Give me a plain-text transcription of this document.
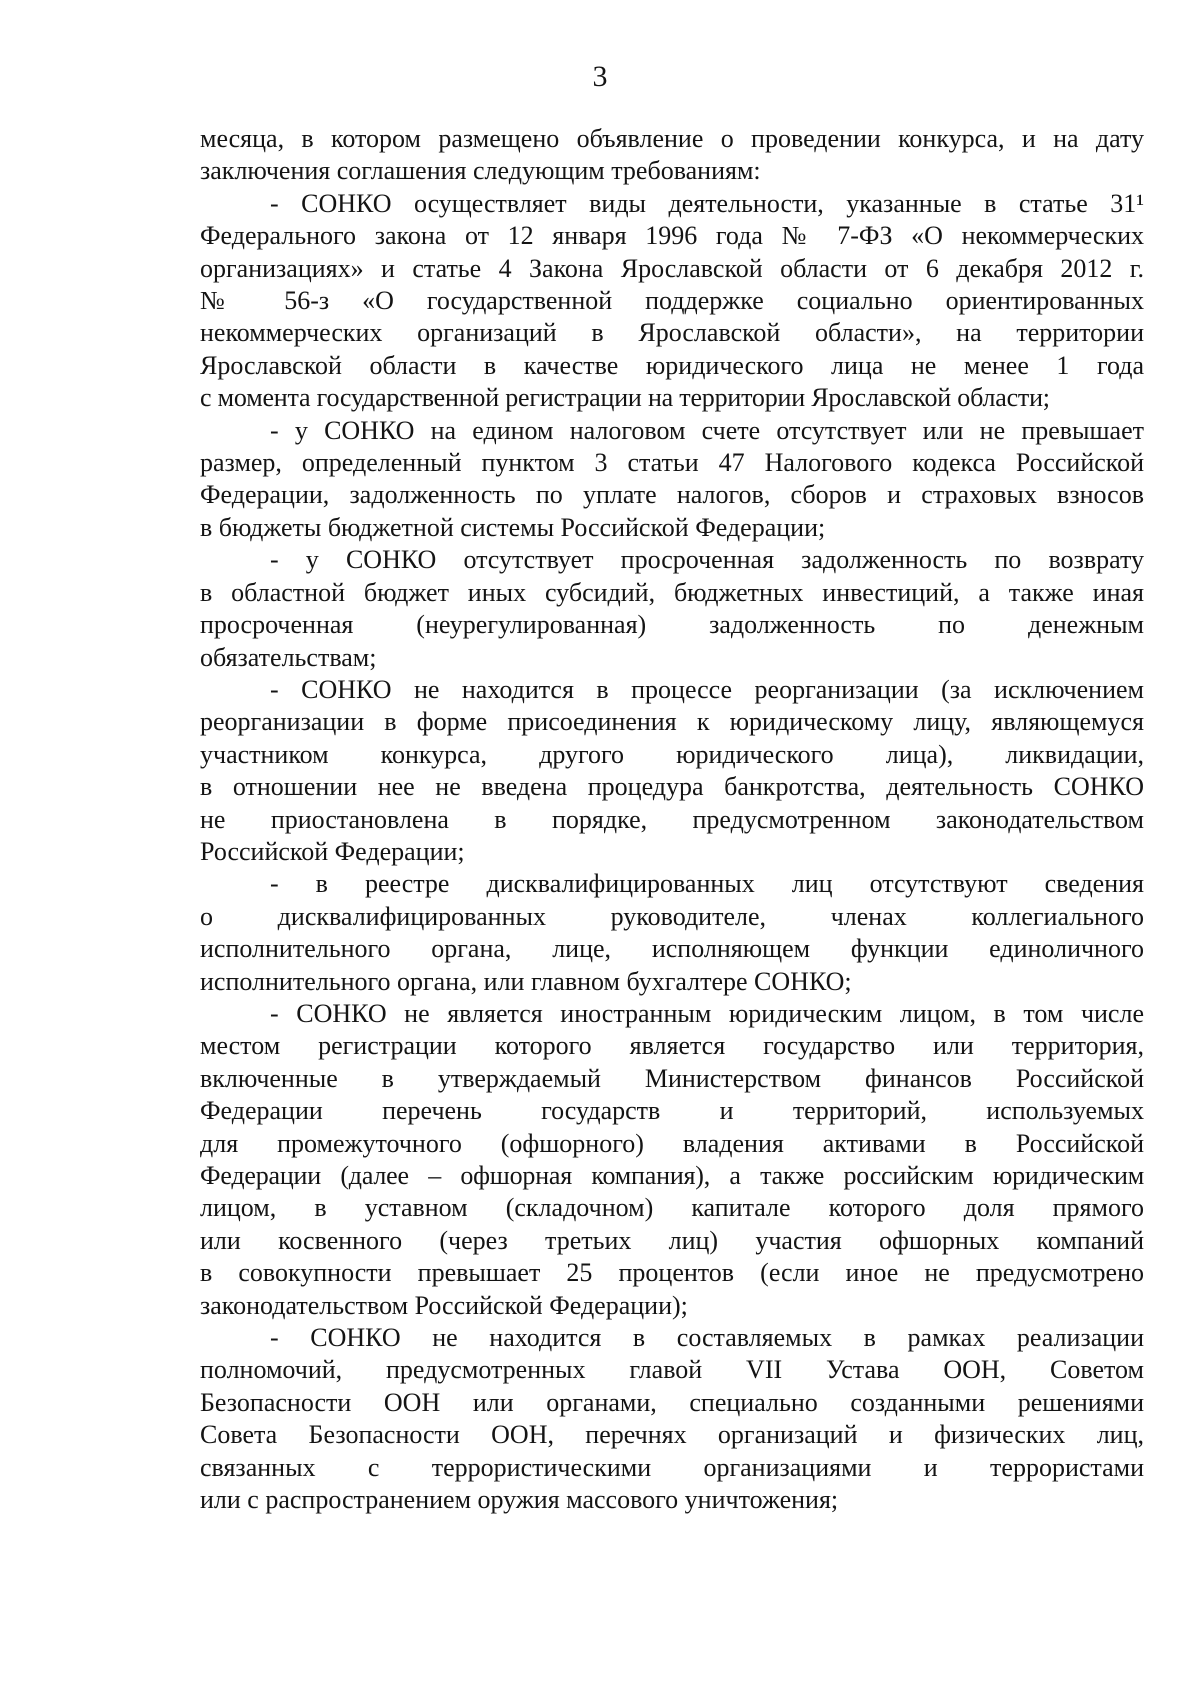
3
месяца, в котором размещено объявление о проведении конкурса, и на дату
заключения соглашения следующим требованиям:
- СОНКО осуществляет виды деятельности, указанные в статье 31¹
Федерального закона от 12 января 1996 года № 7-ФЗ «О некоммерческих
организациях» и статье 4 Закона Ярославской области от 6 декабря 2012 г.
№ 56-з «О государственной поддержке социально ориентированных
некоммерческих организаций в Ярославской области», на территории
Ярославской области в качестве юридического лица не менее 1 года
с момента государственной регистрации на территории Ярославской области;
- у СОНКО на едином налоговом счете отсутствует или не превышает
размер, определенный пунктом 3 статьи 47 Налогового кодекса Российской
Федерации, задолженность по уплате налогов, сборов и страховых взносов
в бюджеты бюджетной системы Российской Федерации;
- у СОНКО отсутствует просроченная задолженность по возврату
в областной бюджет иных субсидий, бюджетных инвестиций, а также иная
просроченная (неурегулированная) задолженность по денежным
обязательствам;
- СОНКО не находится в процессе реорганизации (за исключением
реорганизации в форме присоединения к юридическому лицу, являющемуся
участником конкурса, другого юридического лица), ликвидации,
в отношении нее не введена процедура банкротства, деятельность СОНКО
не приостановлена в порядке, предусмотренном законодательством
Российской Федерации;
- в реестре дисквалифицированных лиц отсутствуют сведения
о дисквалифицированных руководителе, членах коллегиального
исполнительного органа, лице, исполняющем функции единоличного
исполнительного органа, или главном бухгалтере СОНКО;
- СОНКО не является иностранным юридическим лицом, в том числе
местом регистрации которого является государство или территория,
включенные в утверждаемый Министерством финансов Российской
Федерации перечень государств и территорий, используемых
для промежуточного (офшорного) владения активами в Российской
Федерации (далее – офшорная компания), а также российским юридическим
лицом, в уставном (складочном) капитале которого доля прямого
или косвенного (через третьих лиц) участия офшорных компаний
в совокупности превышает 25 процентов (если иное не предусмотрено
законодательством Российской Федерации);
- СОНКО не находится в составляемых в рамках реализации
полномочий, предусмотренных главой VII Устава ООН, Советом
Безопасности ООН или органами, специально созданными решениями
Совета Безопасности ООН, перечнях организаций и физических лиц,
связанных с террористическими организациями и террористами
или с распространением оружия массового уничтожения;
